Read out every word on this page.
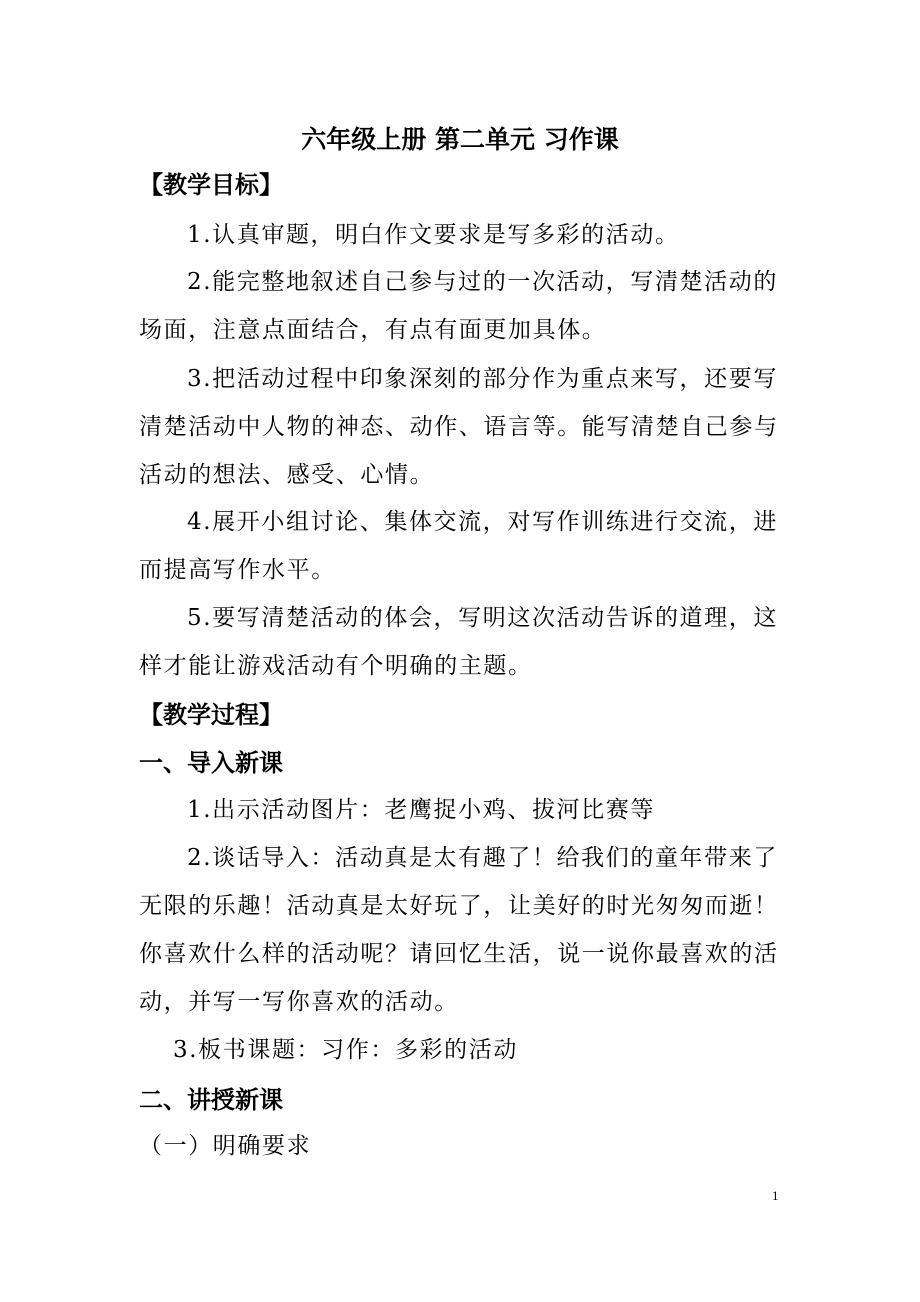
六年级上册 第二单元 习作课
【教学目标】
1.认真审题，明白作文要求是写多彩的活动。
2.能完整地叙述自己参与过的一次活动，写清楚活动的场面，注意点面结合，有点有面更加具体。
3.把活动过程中印象深刻的部分作为重点来写，还要写清楚活动中人物的神态、动作、语言等。能写清楚自己参与活动的想法、感受、心情。
4.展开小组讨论、集体交流，对写作训练进行交流，进而提高写作水平。
5.要写清楚活动的体会，写明这次活动告诉的道理，这样才能让游戏活动有个明确的主题。
【教学过程】
一、导入新课
1.出示活动图片：老鹰捉小鸡、拔河比赛等
2.谈话导入：活动真是太有趣了！给我们的童年带来了无限的乐趣！活动真是太好玩了，让美好的时光匆匆而逝！你喜欢什么样的活动呢？请回忆生活，说一说你最喜欢的活动，并写一写你喜欢的活动。
3.板书课题：习作：多彩的活动
二、讲授新课
（一）明确要求
1
